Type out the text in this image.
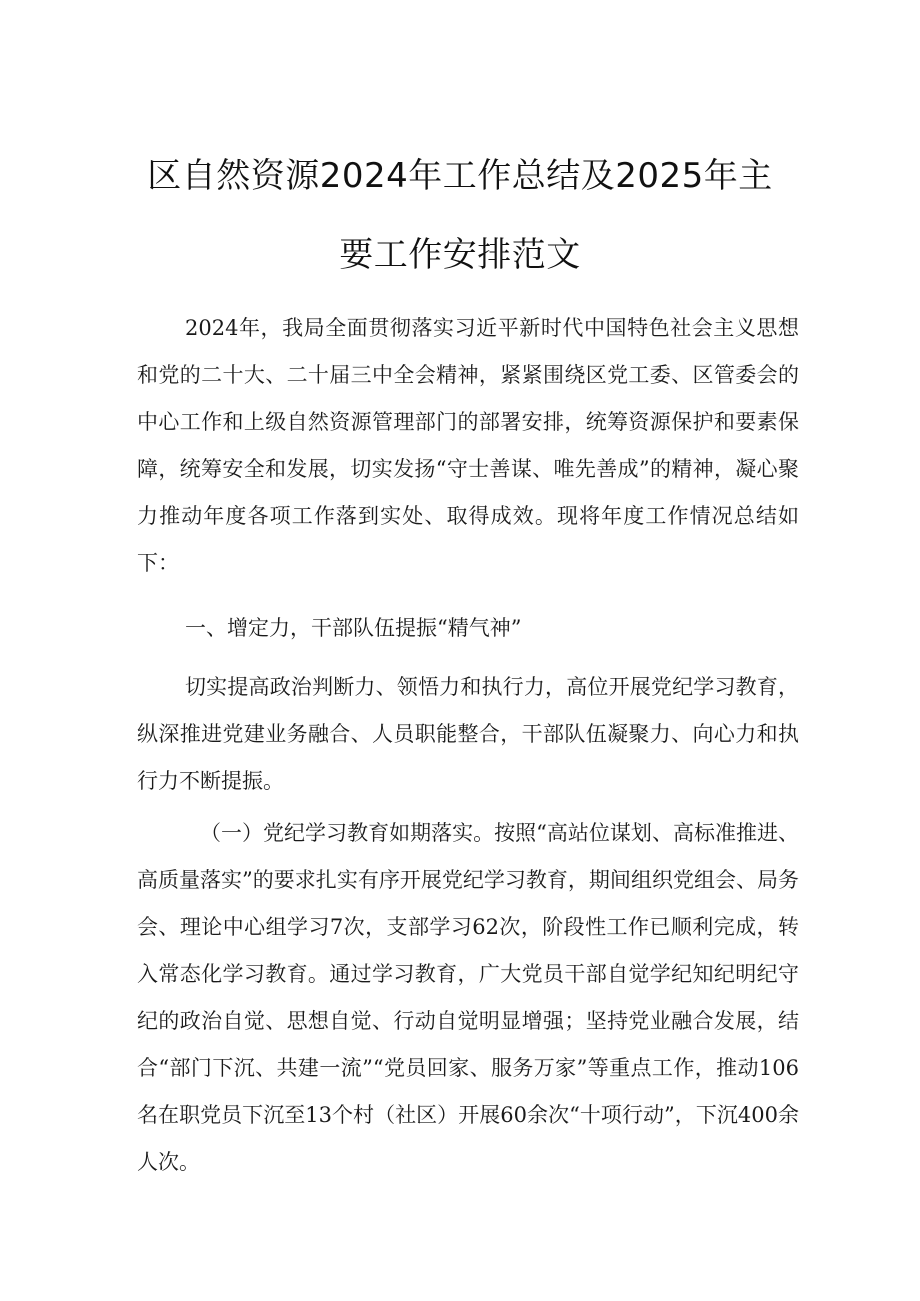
区自然资源2024年工作总结及2025年主
要工作安排范文

2024年，我局全面贯彻落实习近平新时代中国特色社会主义思想和党的二十大、二十届三中全会精神，紧紧围绕区党工委、区管委会的中心工作和上级自然资源管理部门的部署安排，统筹资源保护和要素保障，统筹安全和发展，切实发扬“守士善谋、唯先善成”的精神，凝心聚力推动年度各项工作落到实处、取得成效。现将年度工作情况总结如下：

一、增定力，干部队伍提振“精气神”

切实提高政治判断力、领悟力和执行力，高位开展党纪学习教育，纵深推进党建业务融合、人员职能整合，干部队伍凝聚力、向心力和执行力不断提振。

（一）党纪学习教育如期落实。按照“高站位谋划、高标准推进、高质量落实”的要求扎实有序开展党纪学习教育，期间组织党组会、局务会、理论中心组学习7次，支部学习62次，阶段性工作已顺利完成，转入常态化学习教育。通过学习教育，广大党员干部自觉学纪知纪明纪守纪的政治自觉、思想自觉、行动自觉明显增强；坚持党业融合发展，结合“部门下沉、共建一流”“党员回家、服务万家”等重点工作，推动106名在职党员下沉至13个村（社区）开展60余次“十项行动”，下沉400余人次。
